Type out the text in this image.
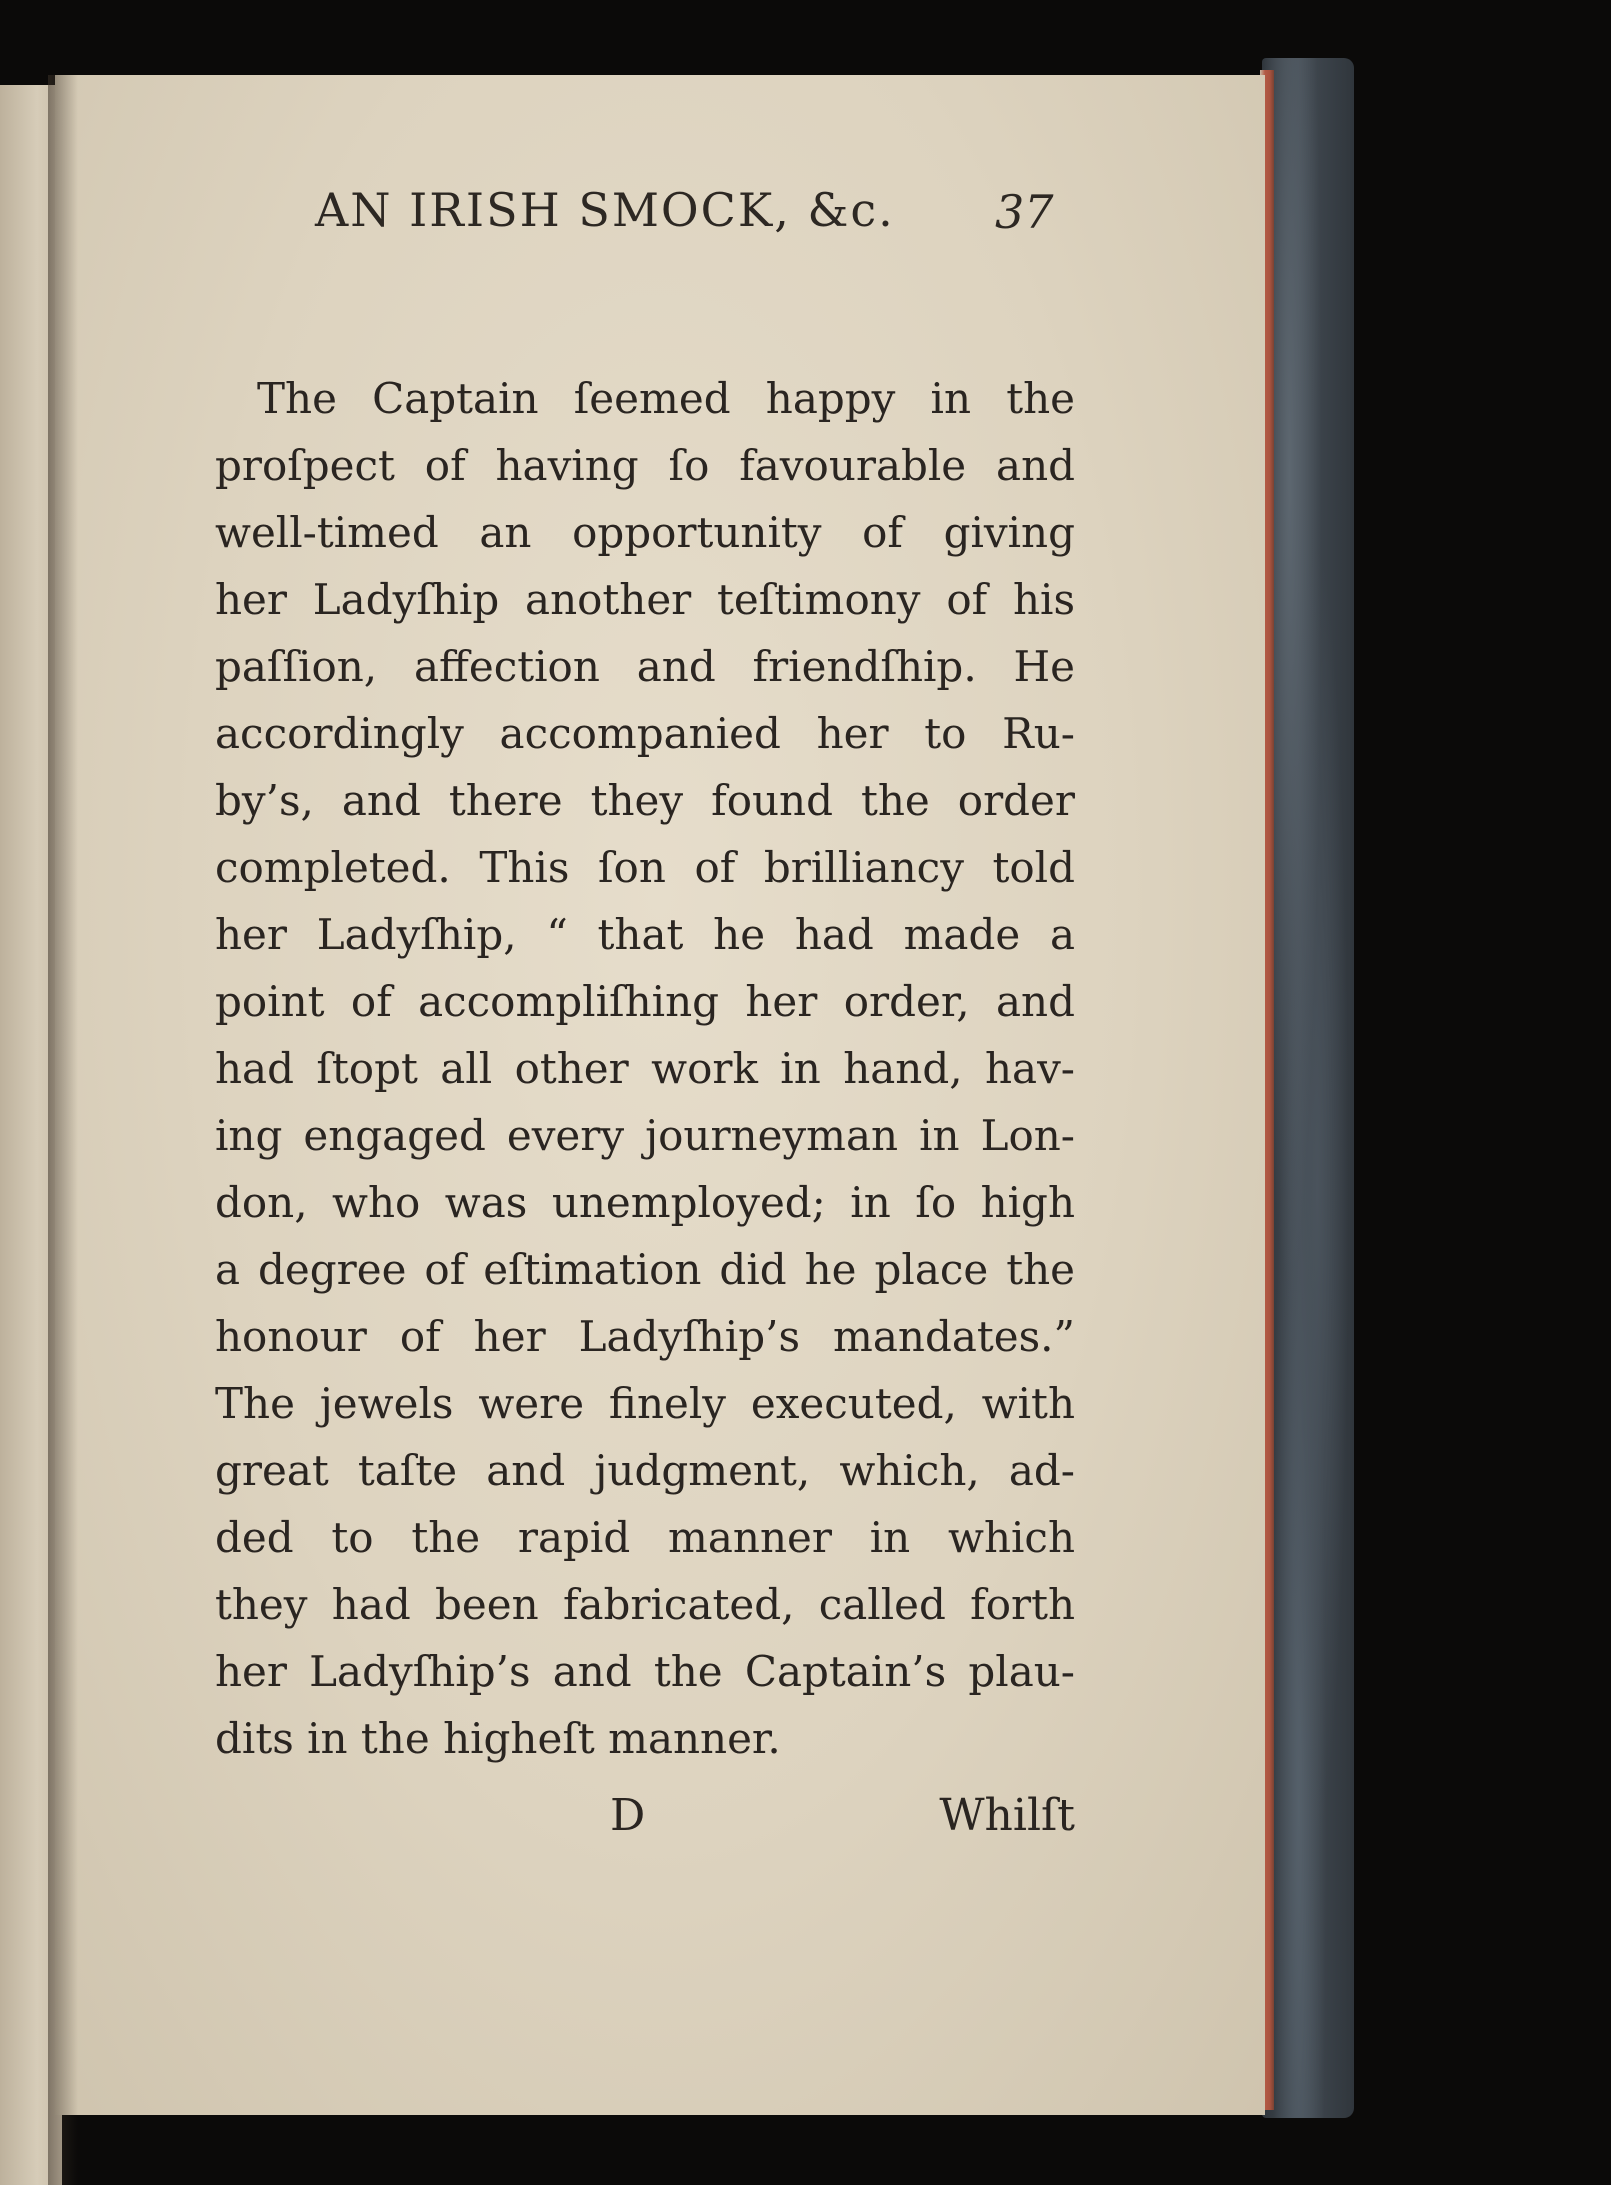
AN IRISH SMOCK, &c. 37
The Captain ſeemed happy in the
proſpect of having ſo favourable and
well-timed an opportunity of giving
her Ladyſhip another teſtimony of his
paſſion, affection and friendſhip. He
accordingly accompanied her to Ru-
by’s, and there they found the order
completed. This ſon of brilliancy told
her Ladyſhip, “ that he had made a
point of accompliſhing her order, and
had ſtopt all other work in hand, hav-
ing engaged every journeyman in Lon-
don, who was unemployed; in ſo high
a degree of eſtimation did he place the
honour of her Ladyſhip’s mandates.”
The jewels were finely executed, with
great taſte and judgment, which, ad-
ded to the rapid manner in which
they had been fabricated, called forth
her Ladyſhip’s and the Captain’s plau-
dits in the higheſt manner.
D	Whilſt
